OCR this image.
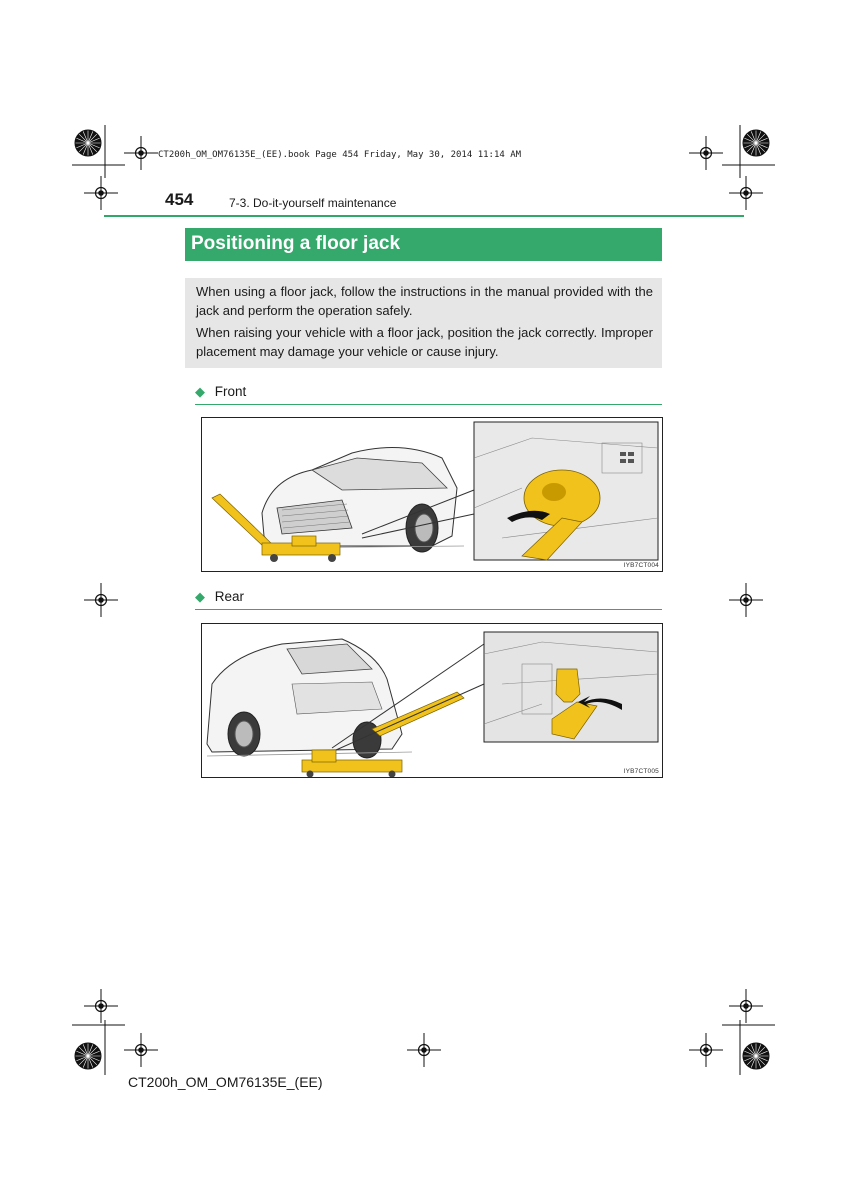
CT200h_OM_OM76135E_(EE).book Page 454 Friday, May 30, 2014 11:14 AM
454	7-3. Do-it-yourself maintenance
Positioning a floor jack
When using a floor jack, follow the instructions in the manual provided with the jack and perform the operation safely.
When raising your vehicle with a floor jack, position the jack correctly. Improper placement may damage your vehicle or cause injury.
◆ Front
IYB7CT004
◆ Rear
IYB7CT005
CT200h_OM_OM76135E_(EE)
